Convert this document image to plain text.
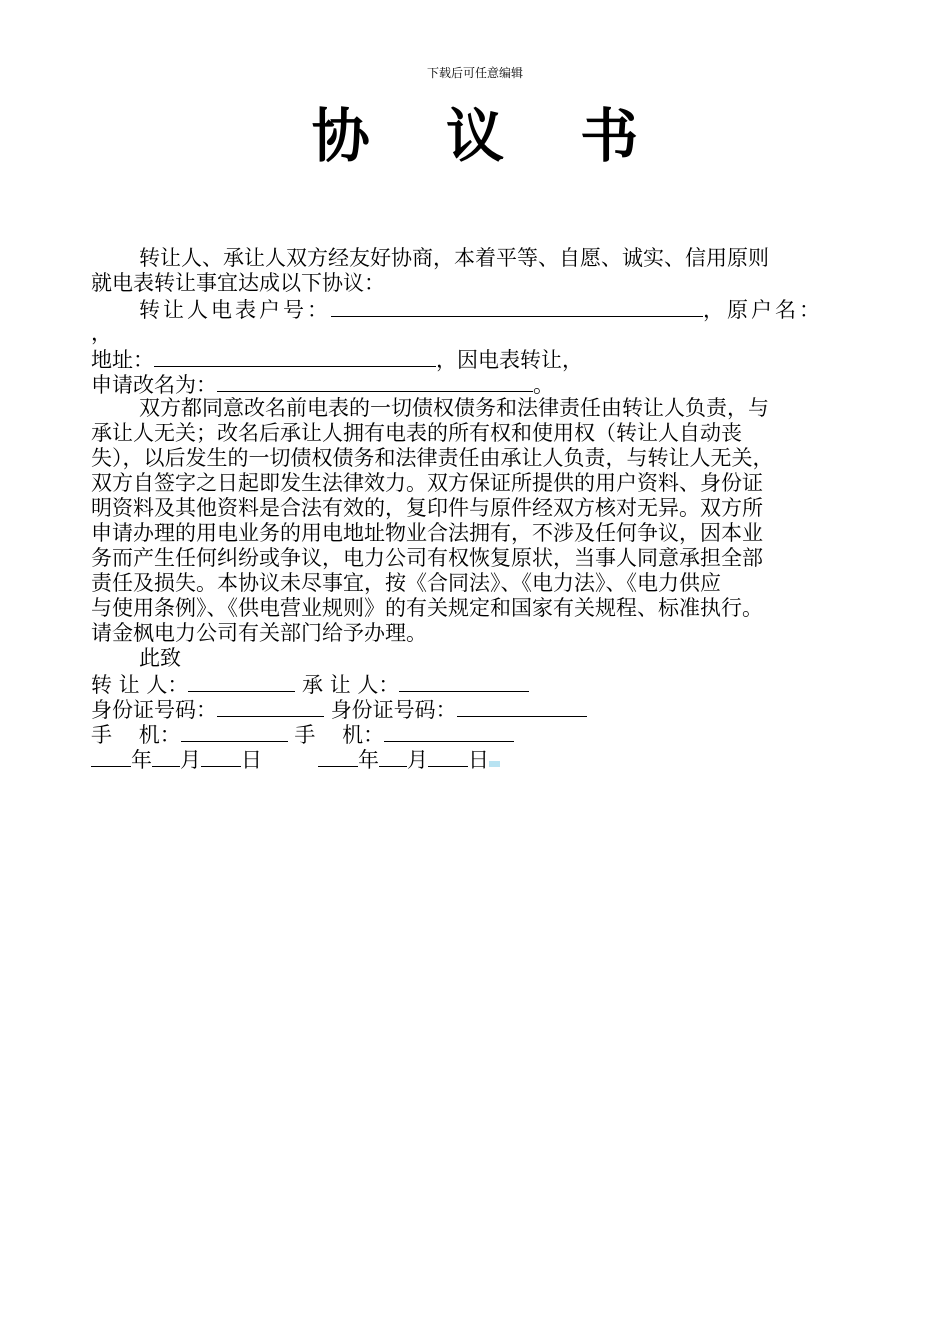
下载后可任意编辑
协 议 书
转让人、承让人双方经友好协商，本着平等、自愿、诚实、信用原则
就电表转让事宜达成以下协议：
转让人电表户号：	，原户名：
，
地址：	，因电表转让，
申请改名为：	。

双方都同意改名前电表的一切债权债务和法律责任由转让人负责，与

承让人无关；改名后承让人拥有电表的所有权和使用权（转让人自动丧

失），以后发生的一切债权债务和法律责任由承让人负责，与转让人无关，

双方自签字之日起即发生法律效力。双方保证所提供的用户资料、身份证

明资料及其他资料是合法有效的，复印件与原件经双方核对无异。双方所

申请办理的用电业务的用电地址物业合法拥有，不涉及任何争议，因本业

务而产生任何纠纷或争议，电力公司有权恢复原状，当事人同意承担全部

责任及损失。本协议未尽事宜，按《合同法》、《电力法》、《电力供应

与使用条例》、《供电营业规则》的有关规定和国家有关规程、标准执行。

请金枫电力公司有关部门给予办理。

此致
转 让 人：	承 让 人：
身份证号码：	身份证号码：
手    机：	手    机：
年 月 日	年 月 日
